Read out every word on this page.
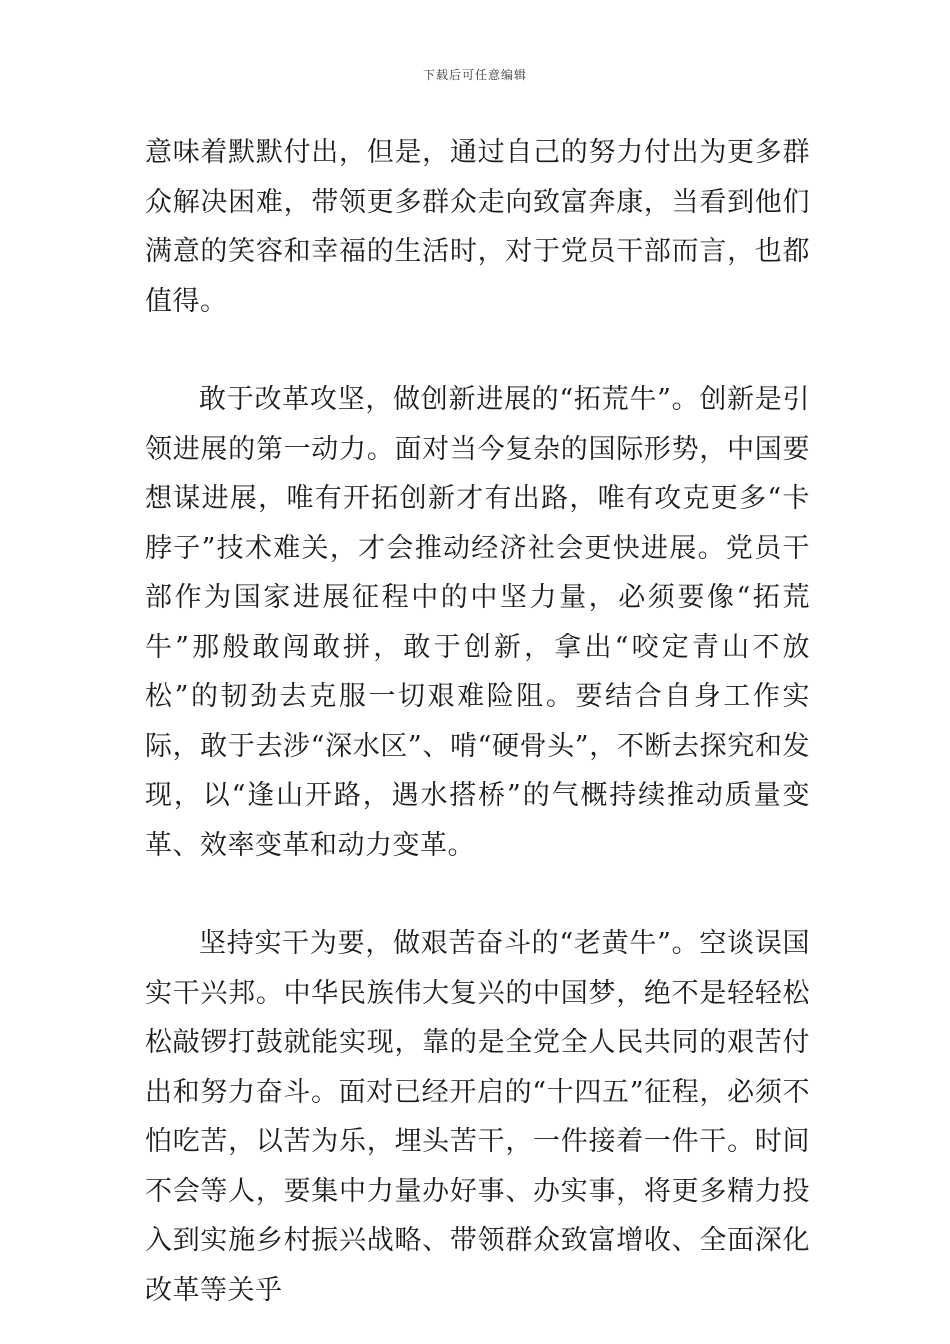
下载后可任意编辑

意味着默默付出，但是，通过自己的努力付出为更多群众解决困难，带领更多群众走向致富奔康，当看到他们满意的笑容和幸福的生活时，对于党员干部而言，也都值得。

敢于改革攻坚，做创新进展的“拓荒牛”。创新是引领进展的第一动力。面对当今复杂的国际形势，中国要想谋进展，唯有开拓创新才有出路，唯有攻克更多“卡脖子”技术难关，才会推动经济社会更快进展。党员干部作为国家进展征程中的中坚力量，必须要像“拓荒牛”那般敢闯敢拼，敢于创新，拿出“咬定青山不放松”的韧劲去克服一切艰难险阻。要结合自身工作实际，敢于去涉“深水区”、啃“硬骨头”，不断去探究和发现，以“逢山开路，遇水搭桥”的气概持续推动质量变革、效率变革和动力变革。

坚持实干为要，做艰苦奋斗的“老黄牛”。空谈误国实干兴邦。中华民族伟大复兴的中国梦，绝不是轻轻松松敲锣打鼓就能实现，靠的是全党全人民共同的艰苦付出和努力奋斗。面对已经开启的“十四五”征程，必须不怕吃苦，以苦为乐，埋头苦干，一件接着一件干。时间不会等人，要集中力量办好事、办实事，将更多精力投入到实施乡村振兴战略、带领群众致富增收、全面深化改革等关乎
